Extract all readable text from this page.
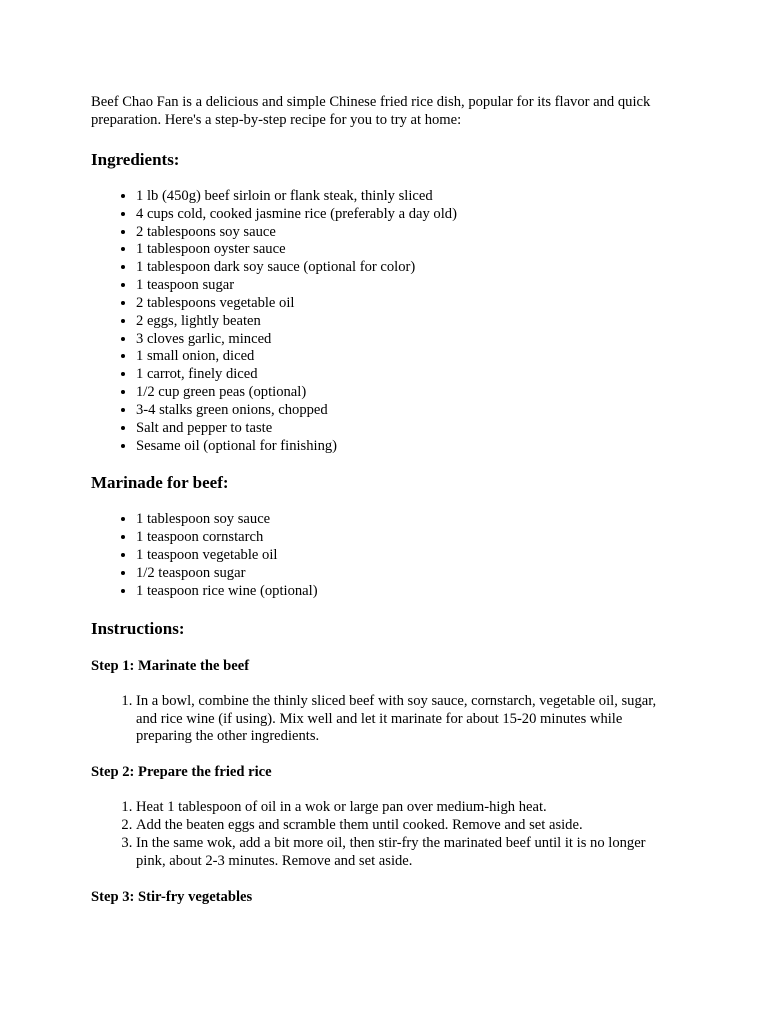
Beef Chao Fan is a delicious and simple Chinese fried rice dish, popular for its flavor and quick preparation. Here's a step-by-step recipe for you to try at home:

Ingredients:
• 1 lb (450g) beef sirloin or flank steak, thinly sliced
• 4 cups cold, cooked jasmine rice (preferably a day old)
• 2 tablespoons soy sauce
• 1 tablespoon oyster sauce
• 1 tablespoon dark soy sauce (optional for color)
• 1 teaspoon sugar
• 2 tablespoons vegetable oil
• 2 eggs, lightly beaten
• 3 cloves garlic, minced
• 1 small onion, diced
• 1 carrot, finely diced
• 1/2 cup green peas (optional)
• 3-4 stalks green onions, chopped
• Salt and pepper to taste
• Sesame oil (optional for finishing)
Marinade for beef:
• 1 tablespoon soy sauce
• 1 teaspoon cornstarch
• 1 teaspoon vegetable oil
• 1/2 teaspoon sugar
• 1 teaspoon rice wine (optional)
Instructions:
Step 1: Marinate the beef
1. In a bowl, combine the thinly sliced beef with soy sauce, cornstarch, vegetable oil, sugar, and rice wine (if using). Mix well and let it marinate for about 15-20 minutes while preparing the other ingredients.
Step 2: Prepare the fried rice
1. Heat 1 tablespoon of oil in a wok or large pan over medium-high heat.
2. Add the beaten eggs and scramble them until cooked. Remove and set aside.
3. In the same wok, add a bit more oil, then stir-fry the marinated beef until it is no longer pink, about 2-3 minutes. Remove and set aside.
Step 3: Stir-fry vegetables
